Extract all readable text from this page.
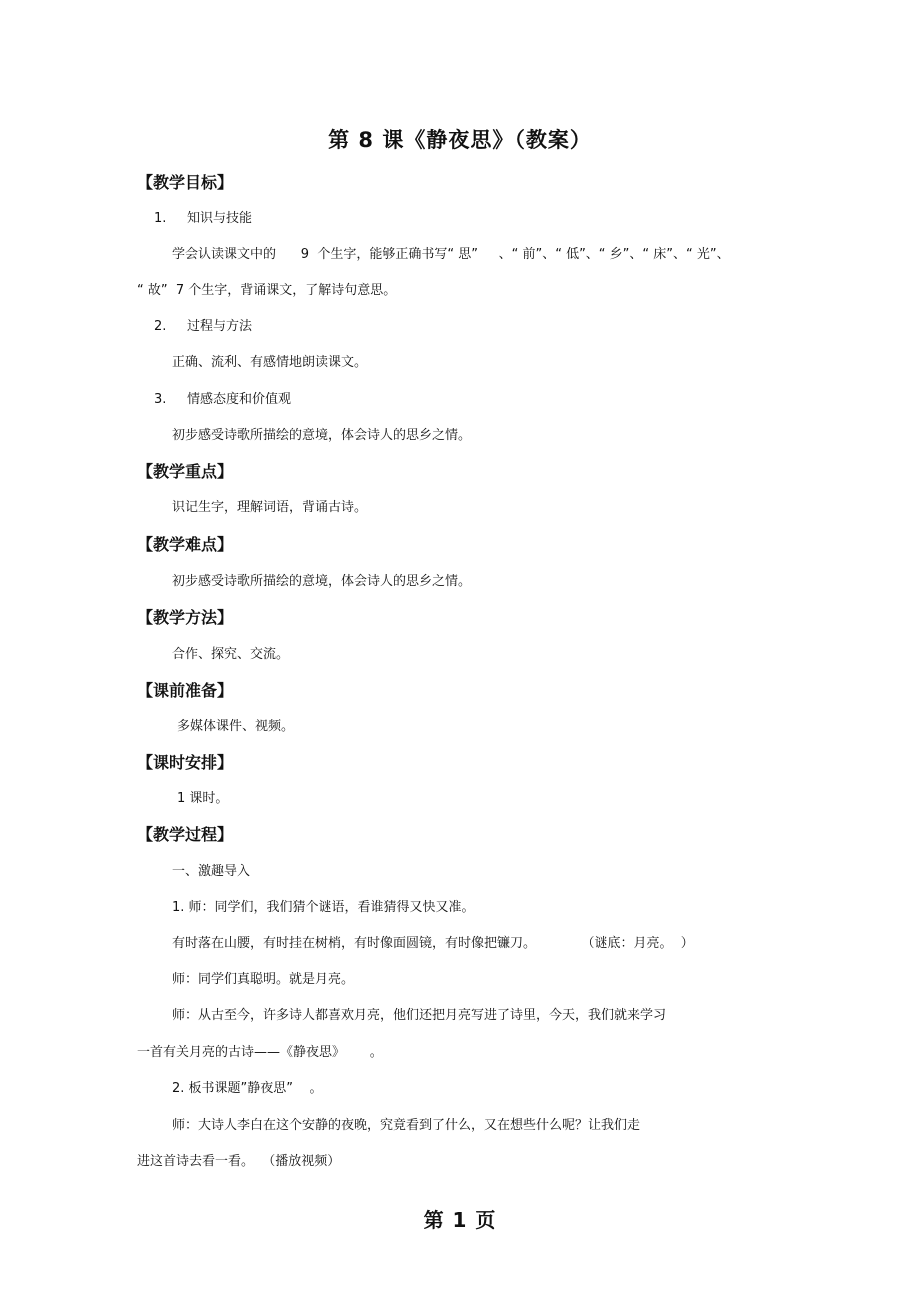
第 8 课《静夜思》（教案）
【教学目标】
1. 知识与技能
学会认读课文中的      9  个生字，能够正确书写“ 思”     、“ 前”、“ 低”、“ 乡”、“ 床”、“ 光”、
“ 故”  7 个生字，背诵课文，了解诗句意思。
2. 过程与方法
正确、流利、有感情地朗读课文。
3. 情感态度和价值观
初步感受诗歌所描绘的意境，体会诗人的思乡之情。
【教学重点】
识记生字，理解词语，背诵古诗。
【教学难点】
初步感受诗歌所描绘的意境，体会诗人的思乡之情。
【教学方法】
合作、探究、交流。
【课前准备】
多媒体课件、视频。
【课时安排】
1 课时。
【教学过程】
一、激趣导入
1. 师：同学们，我们猜个谜语，看谁猜得又快又准。
有时落在山腰，有时挂在树梢，有时像面圆镜，有时像把镰刀。           （谜底：月亮。  ）
师：同学们真聪明。就是月亮。
师：从古至今，许多诗人都喜欢月亮，他们还把月亮写进了诗里，今天，我们就来学习
一首有关月亮的古诗——《静夜思》      。
2. 板书课题”静夜思”    。
师：大诗人李白在这个安静的夜晚，究竟看到了什么，又在想些什么呢？让我们走
进这首诗去看一看。  （播放视频）
第 1 页
